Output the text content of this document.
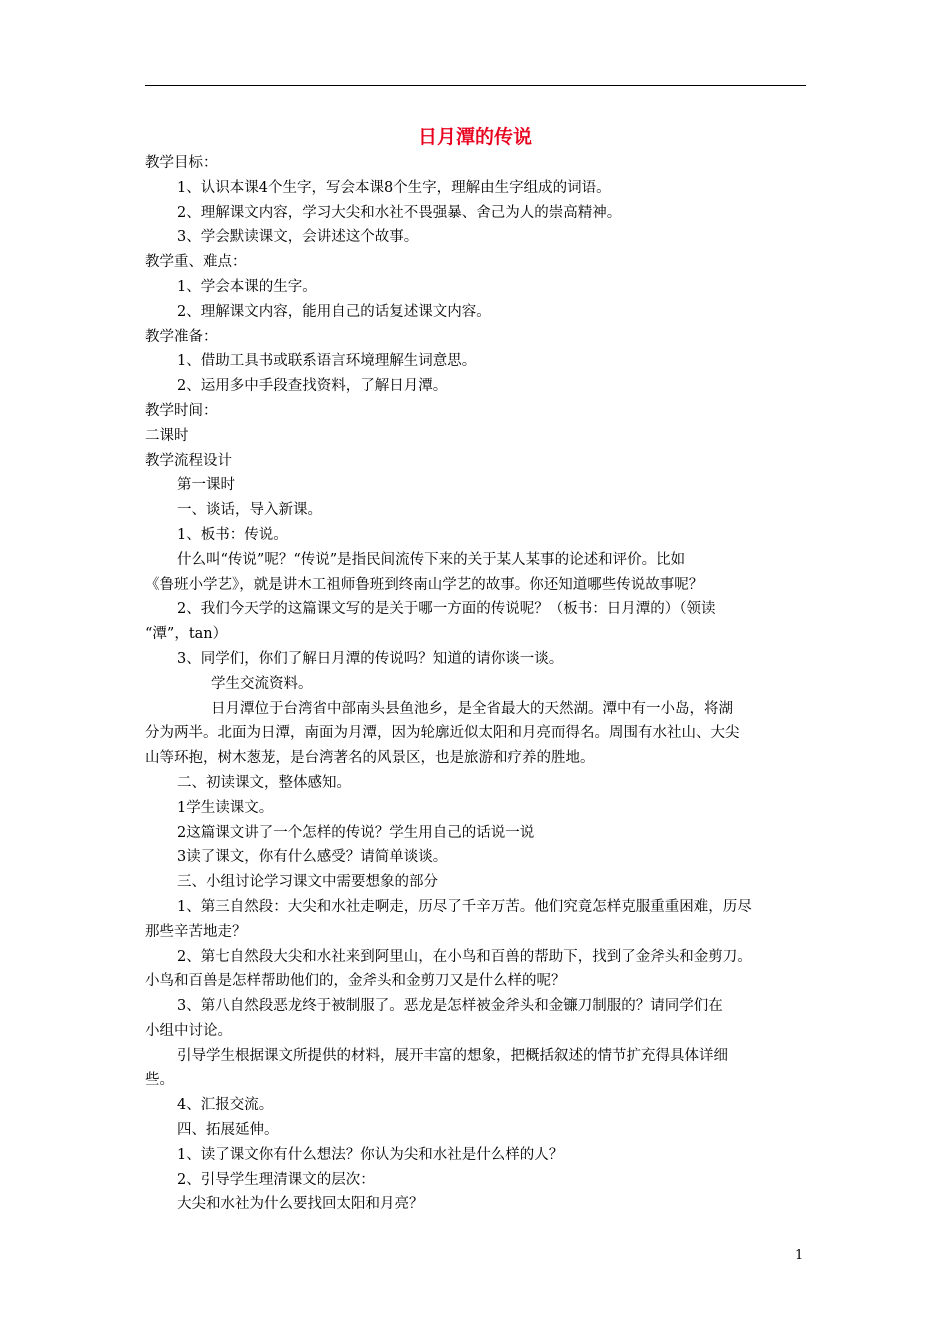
日月潭的传说

教学目标：

1、认识本课4个生字，写会本课8个生字，理解由生字组成的词语。

2、理解课文内容，学习大尖和水社不畏强暴、舍己为人的崇高精神。

3、学会默读课文，会讲述这个故事。

教学重、难点：

1、学会本课的生字。

2、理解课文内容，能用自己的话复述课文内容。

教学准备：

1、借助工具书或联系语言环境理解生词意思。

2、运用多中手段查找资料，了解日月潭。

教学时间：

二课时

教学流程设计

第一课时

一、谈话，导入新课。

1、板书：传说。

什么叫“传说”呢？“传说”是指民间流传下来的关于某人某事的论述和评价。比如

《鲁班小学艺》，就是讲木工祖师鲁班到终南山学艺的故事。你还知道哪些传说故事呢？

2、我们今天学的这篇课文写的是关于哪一方面的传说呢？（板书：日月潭的）（领读

“潭”，tan）

3、同学们，你们了解日月潭的传说吗？知道的请你谈一谈。

学生交流资料。

日月潭位于台湾省中部南头县鱼池乡，是全省最大的天然湖。潭中有一小岛，将湖

分为两半。北面为日潭，南面为月潭，因为轮廓近似太阳和月亮而得名。周围有水社山、大尖

山等环抱，树木葱茏，是台湾著名的风景区，也是旅游和疗养的胜地。

二、初读课文，整体感知。

1学生读课文。

2这篇课文讲了一个怎样的传说？学生用自己的话说一说

3读了课文，你有什么感受？请简单谈谈。

三、小组讨论学习课文中需要想象的部分

1、第三自然段：大尖和水社走啊走，历尽了千辛万苦。他们究竟怎样克服重重困难，历尽

那些辛苦地走？

2、第七自然段大尖和水社来到阿里山，在小鸟和百兽的帮助下，找到了金斧头和金剪刀。

小鸟和百兽是怎样帮助他们的，金斧头和金剪刀又是什么样的呢？

3、第八自然段恶龙终于被制服了。恶龙是怎样被金斧头和金镰刀制服的？请同学们在

小组中讨论。

引导学生根据课文所提供的材料，展开丰富的想象，把概括叙述的情节扩充得具体详细

些。

4、汇报交流。

四、拓展延伸。

1、读了课文你有什么想法？你认为尖和水社是什么样的人？

2、引导学生理清课文的层次：

大尖和水社为什么要找回太阳和月亮？

1
